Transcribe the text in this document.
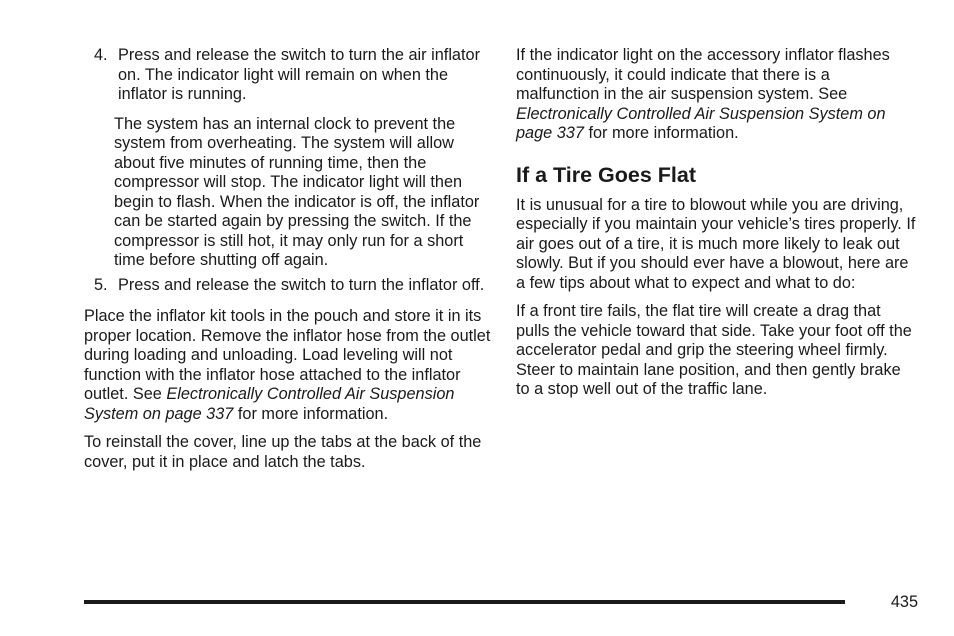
4. Press and release the switch to turn the air inflator on. The indicator light will remain on when the inflator is running.

The system has an internal clock to prevent the system from overheating. The system will allow about five minutes of running time, then the compressor will stop. The indicator light will then begin to flash. When the indicator is off, the inflator can be started again by pressing the switch. If the compressor is still hot, it may only run for a short time before shutting off again.

5. Press and release the switch to turn the inflator off.

Place the inflator kit tools in the pouch and store it in its proper location. Remove the inflator hose from the outlet during loading and unloading. Load leveling will not function with the inflator hose attached to the inflator outlet. See Electronically Controlled Air Suspension System on page 337 for more information.

To reinstall the cover, line up the tabs at the back of the cover, put it in place and latch the tabs.

If the indicator light on the accessory inflator flashes continuously, it could indicate that there is a malfunction in the air suspension system. See Electronically Controlled Air Suspension System on page 337 for more information.

If a Tire Goes Flat

It is unusual for a tire to blowout while you are driving, especially if you maintain your vehicle’s tires properly. If air goes out of a tire, it is much more likely to leak out slowly. But if you should ever have a blowout, here are a few tips about what to expect and what to do:

If a front tire fails, the flat tire will create a drag that pulls the vehicle toward that side. Take your foot off the accelerator pedal and grip the steering wheel firmly. Steer to maintain lane position, and then gently brake to a stop well out of the traffic lane.

435
